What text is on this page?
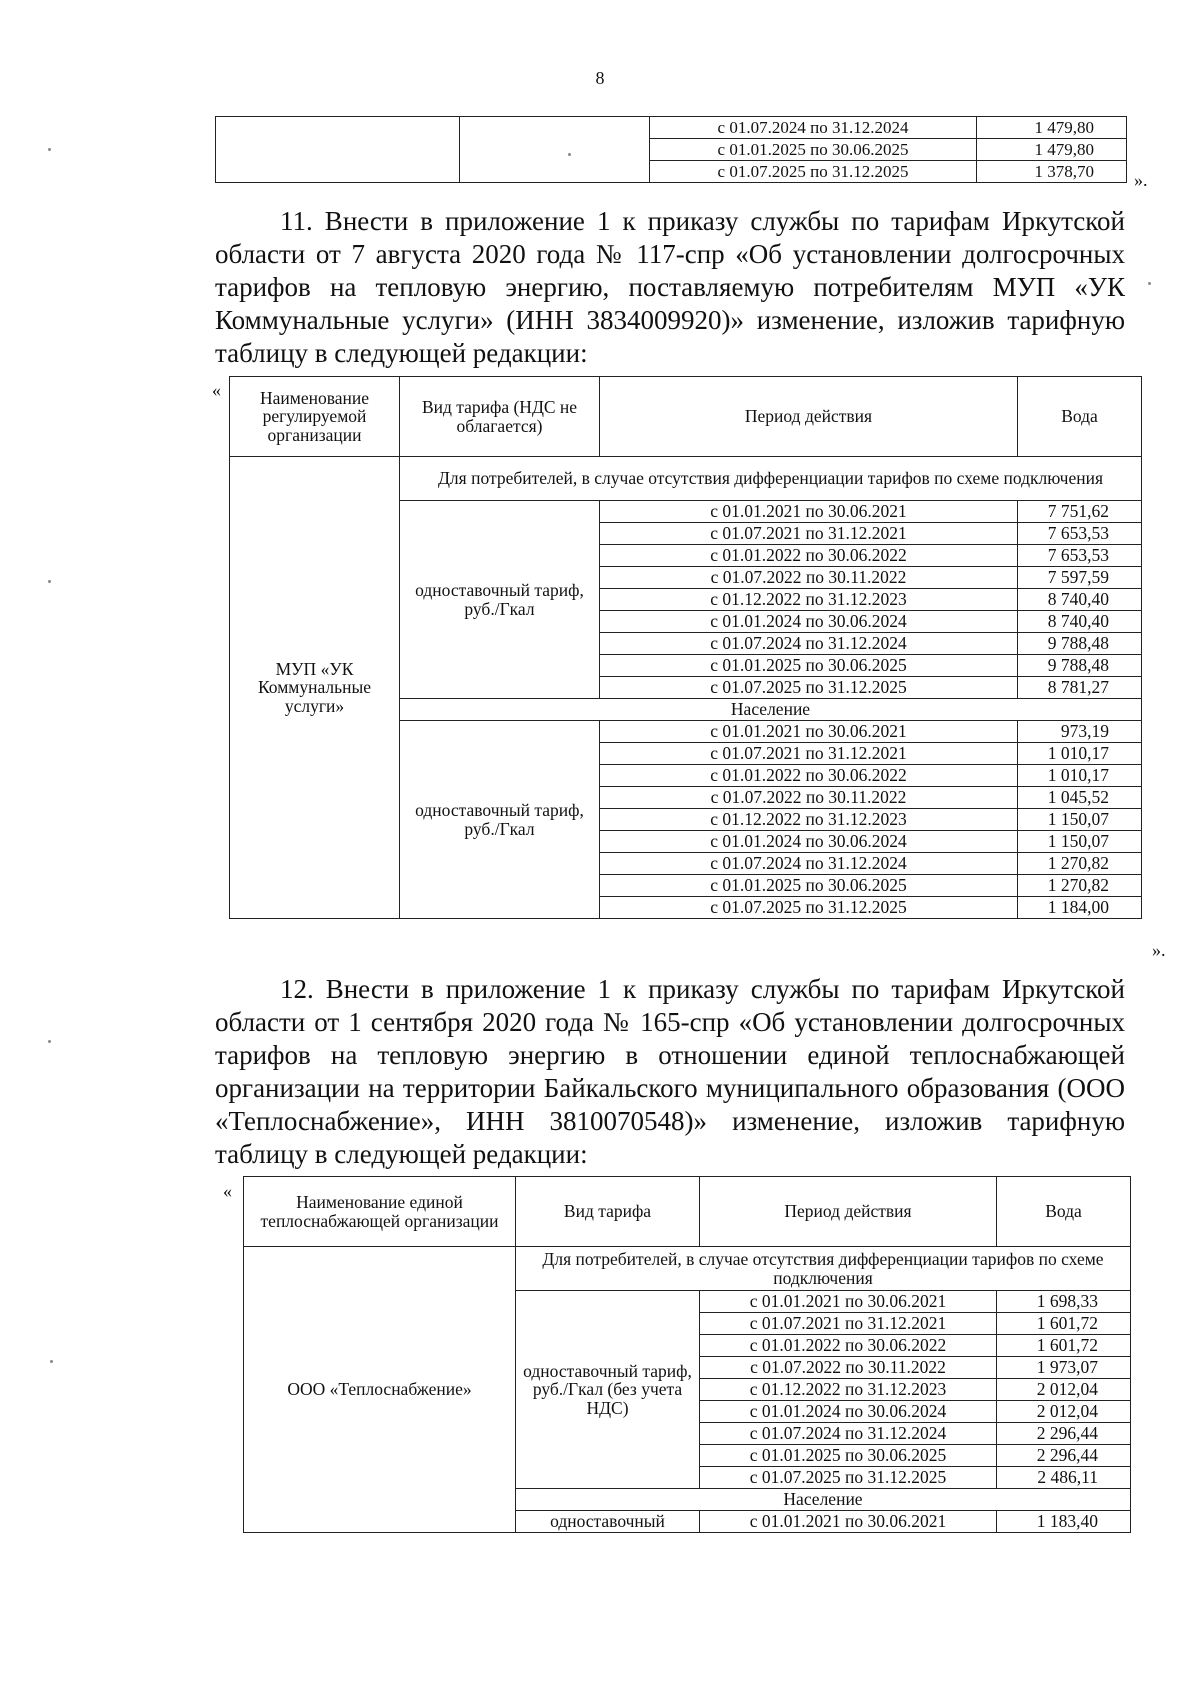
8
		с 01.07.2024 по 31.12.2024	1 479,80
		с 01.01.2025 по 30.06.2025	1 479,80
		с 01.07.2025 по 31.12.2025	1 378,70 ».

11. Внести в приложение 1 к приказу службы по тарифам Иркутской области от 7 августа 2020 года № 117-спр «Об установлении долгосрочных тарифов на тепловую энергию, поставляемую потребителям МУП «УК Коммунальные услуги» (ИНН 3834009920)» изменение, изложив тарифную таблицу в следующей редакции:

« Наименование регулируемой организации	Вид тарифа (НДС не облагается)	Период действия	Вода
МУП «УК Коммунальные услуги»	Для потребителей, в случае отсутствия дифференциации тарифов по схеме подключения		
	одноставочный тариф, руб./Гкал	с 01.01.2021 по 30.06.2021	7 751,62
		с 01.07.2021 по 31.12.2021	7 653,53
		с 01.01.2022 по 30.06.2022	7 653,53
		с 01.07.2022 по 30.11.2022	7 597,59
		с 01.12.2022 по 31.12.2023	8 740,40
		с 01.01.2024 по 30.06.2024	8 740,40
		с 01.07.2024 по 31.12.2024	9 788,48
		с 01.01.2025 по 30.06.2025	9 788,48
		с 01.07.2025 по 31.12.2025	8 781,27
	Население		
	одноставочный тариф, руб./Гкал	с 01.01.2021 по 30.06.2021	973,19
		с 01.07.2021 по 31.12.2021	1 010,17
		с 01.01.2022 по 30.06.2022	1 010,17
		с 01.07.2022 по 30.11.2022	1 045,52
		с 01.12.2022 по 31.12.2023	1 150,07
		с 01.01.2024 по 30.06.2024	1 150,07
		с 01.07.2024 по 31.12.2024	1 270,82
		с 01.01.2025 по 30.06.2025	1 270,82
		с 01.07.2025 по 31.12.2025	1 184,00
».

12. Внести в приложение 1 к приказу службы по тарифам Иркутской области от 1 сентября 2020 года № 165-спр «Об установлении долгосрочных тарифов на тепловую энергию в отношении единой теплоснабжающей организации на территории Байкальского муниципального образования (ООО «Теплоснабжение», ИНН 3810070548)» изменение, изложив тарифную таблицу в следующей редакции:

«
Наименование единой теплоснабжающей организации	Вид тарифа	Период действия	Вода
ООО «Теплоснабжение»	Для потребителей, в случае отсутствия дифференциации тарифов по схеме подключения		
	одноставочный тариф, руб./Гкал (без учета НДС)	с 01.01.2021 по 30.06.2021	1 698,33
		с 01.07.2021 по 31.12.2021	1 601,72
		с 01.01.2022 по 30.06.2022	1 601,72
		с 01.07.2022 по 30.11.2022	1 973,07
		с 01.12.2022 по 31.12.2023	2 012,04
		с 01.01.2024 по 30.06.2024	2 012,04
		с 01.07.2024 по 31.12.2024	2 296,44
		с 01.01.2025 по 30.06.2025	2 296,44
		с 01.07.2025 по 31.12.2025	2 486,11
	Население		
	одноставочный	с 01.01.2021 по 30.06.2021	1 183,40
